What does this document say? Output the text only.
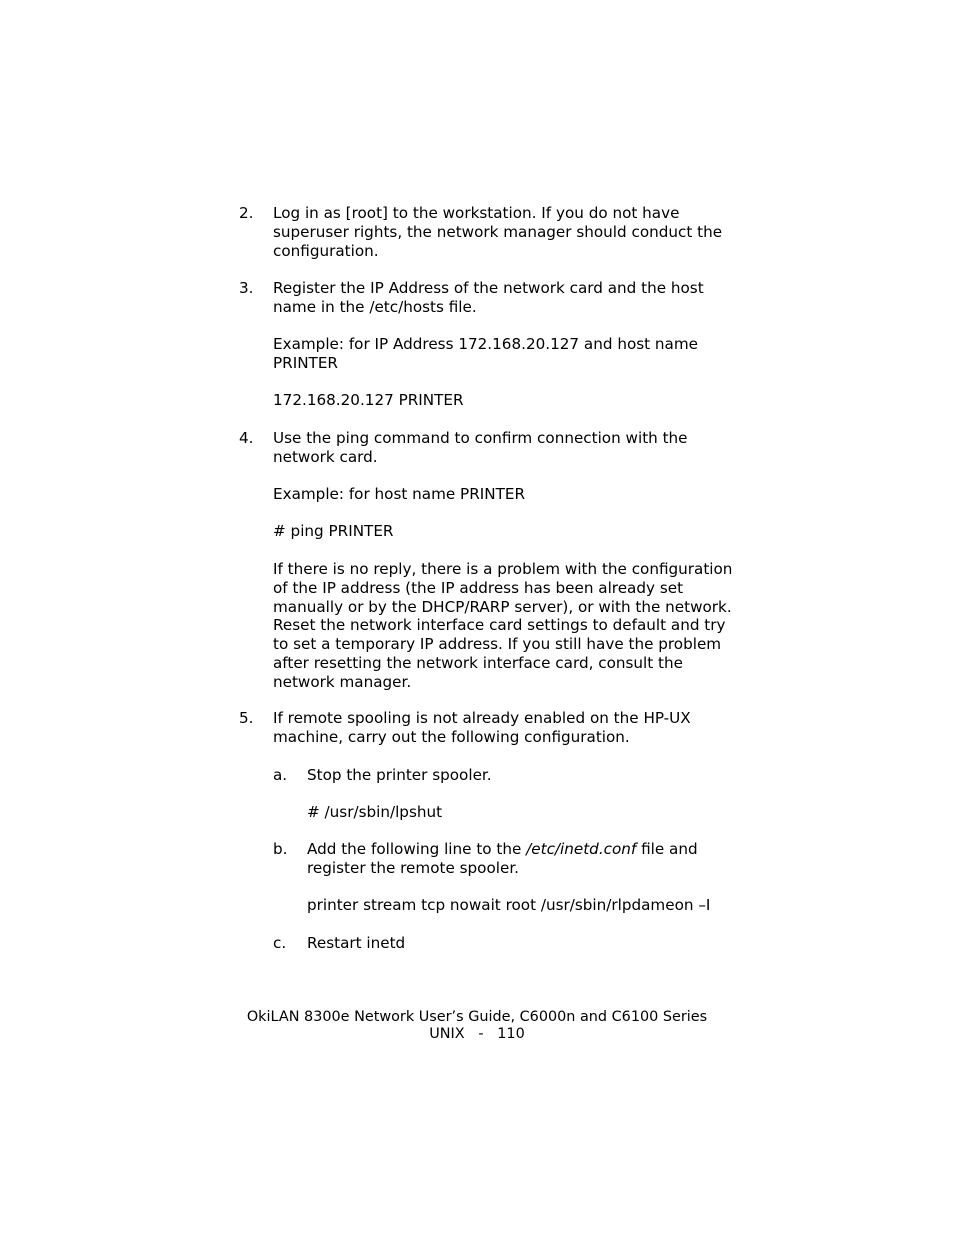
2. Log in as [root] to the workstation. If you do not have
superuser rights, the network manager should conduct the
configuration.

3. Register the IP Address of the network card and the host
name in the /etc/hosts file.

Example: for IP Address 172.168.20.127 and host name
PRINTER

172.168.20.127 PRINTER

4. Use the ping command to confirm connection with the
network card.

Example: for host name PRINTER

# ping PRINTER

If there is no reply, there is a problem with the configuration
of the IP address (the IP address has been already set
manually or by the DHCP/RARP server), or with the network.
Reset the network interface card settings to default and try
to set a temporary IP address. If you still have the problem
after resetting the network interface card, consult the
network manager.

5. If remote spooling is not already enabled on the HP-UX
machine, carry out the following configuration.

a. Stop the printer spooler.

# /usr/sbin/lpshut

b. Add the following line to the /etc/inetd.conf file and
register the remote spooler.

printer stream tcp nowait root /usr/sbin/rlpdameon –I

c. Restart inetd

OkiLAN 8300e Network User’s Guide, C6000n and C6100 Series
UNIX   -   110
